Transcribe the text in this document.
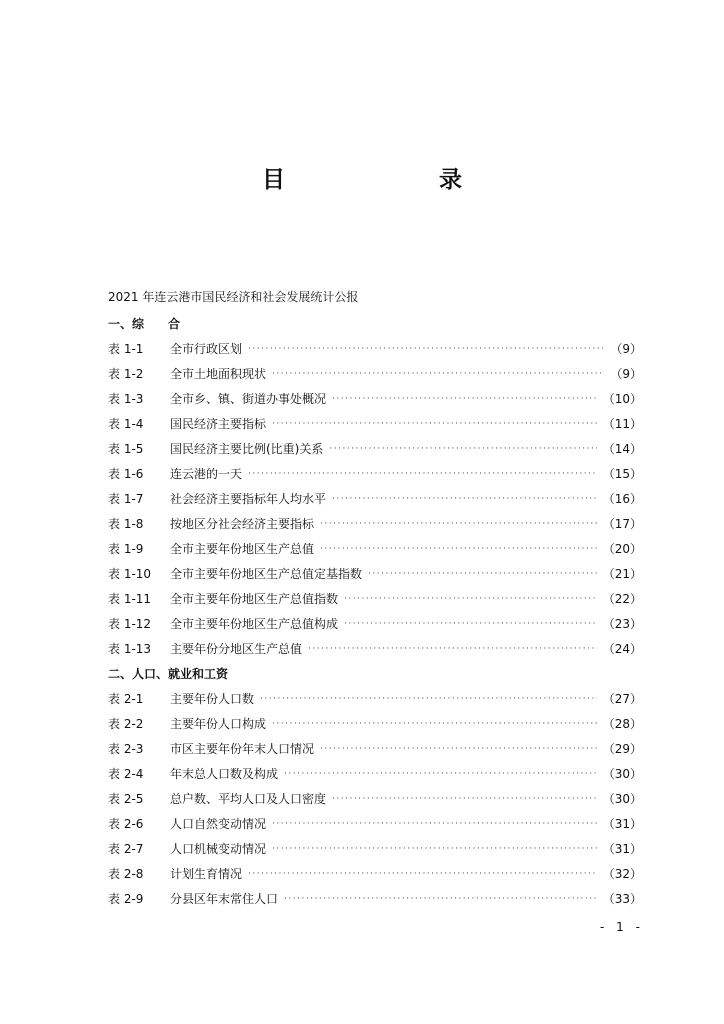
目　　录
2021 年连云港市国民经济和社会发展统计公报
一、综　　合
表 1-1	全市行政区划 ·····	（9）
表 1-2	全市土地面积现状 ·····	（9）
表 1-3	全市乡、镇、街道办事处概况 ·····	（10）
表 1-4	国民经济主要指标 ·····	（11）
表 1-5	国民经济主要比例(比重)关系 ·····	（14）
表 1-6	连云港的一天 ·····	（15）
表 1-7	社会经济主要指标年人均水平 ·····	（16）
表 1-8	按地区分社会经济主要指标 ·····	（17）
表 1-9	全市主要年份地区生产总值 ·····	（20）
表 1-10	全市主要年份地区生产总值定基指数 ·····	（21）
表 1-11	全市主要年份地区生产总值指数 ·····	（22）
表 1-12	全市主要年份地区生产总值构成 ·····	（23）
表 1-13	主要年份分地区生产总值 ·····	（24）
二、人口、就业和工资
表 2-1	主要年份人口数 ·····	（27）
表 2-2	主要年份人口构成 ·····	（28）
表 2-3	市区主要年份年末人口情况 ·····	（29）
表 2-4	年末总人口数及构成 ·····	（30）
表 2-5	总户数、平均人口及人口密度 ·····	（30）
表 2-6	人口自然变动情况 ·····	（31）
表 2-7	人口机械变动情况 ·····	（31）
表 2-8	计划生育情况 ·····	（32）
表 2-9	分县区年末常住人口 ·····	（33）
- 1 -
